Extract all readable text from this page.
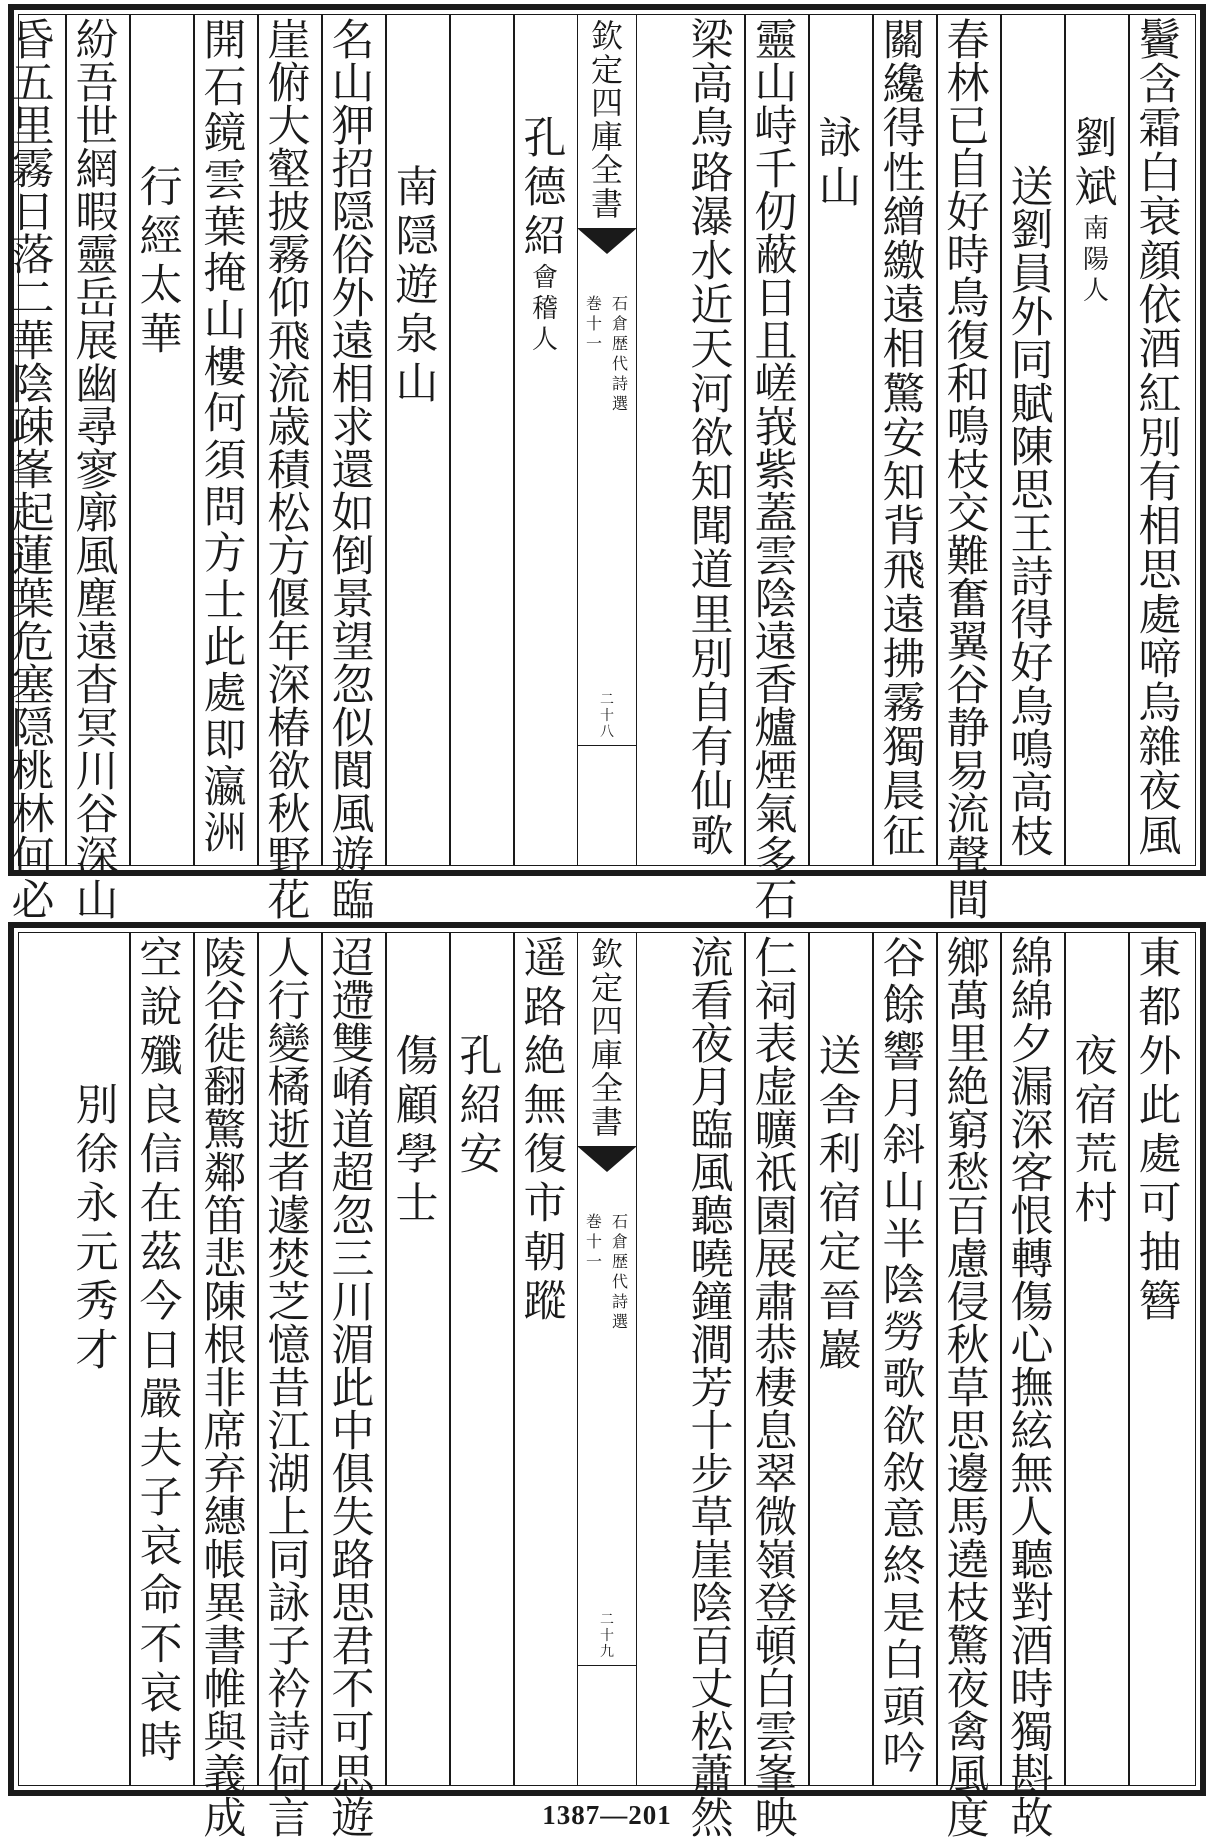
欽
定
四
庫
全
書
石
倉
歴
代
詩
選
巻
十
一
二
十
八
鬢
含
霜
白
衰
顔
依
酒
紅
別
有
相
思
處
啼
烏
雜
夜
風
劉
斌
南
陽
人
送
劉
員
外
同
賦
陳
思
王
詩
得
好
鳥
鳴
高
枝
春
林
已
自
好
時
鳥
復
和
鳴
枝
交
難
奮
翼
谷
静
易
流
聲
間
關
纔
得
性
繒
繳
遠
相
驚
安
知
背
飛
遠
拂
霧
獨
晨
征
詠
山
靈
山
峙
千
仞
蔽
日
且
嵯
峩
紫
蓋
雲
陰
遠
香
爐
煙
氣
多
石
梁
高
鳥
路
瀑
水
近
天
河
欲
知
聞
道
里
別
自
有
仙
歌
孔
德
紹
會
稽
人
南
隠
遊
泉
山
名
山
狎
招
隠
俗
外
遠
相
求
還
如
倒
景
望
忽
似
閬
風
遊
臨
崖
俯
大
壑
披
霧
仰
飛
流
歳
積
松
方
偃
年
深
椿
欲
秋
野
花
開
石
鏡
雲
葉
掩
山
樓
何
須
問
方
士
此
處
即
瀛
洲
行
經
太
華
紛
吾
世
網
暇
靈
岳
展
幽
尋
寥
廓
風
塵
遠
杳
冥
川
谷
深
山
昏
五
里
霧
日
落
二
華
陰
疎
峯
起
蓮
葉
危
塞
隠
桃
林
何
必
欽
定
四
庫
全
書
石
倉
歴
代
詩
選
巻
十
一
二
十
九
東
都
外
此
處
可
抽
簪
夜
宿
荒
村
綿
綿
夕
漏
深
客
恨
轉
傷
心
撫
絃
無
人
聽
對
酒
時
獨
斟
故
鄉
萬
里
絶
窮
愁
百
慮
侵
秋
草
思
邊
馬
遶
枝
驚
夜
禽
風
度
谷
餘
響
月
斜
山
半
陰
勞
歌
欲
敘
意
終
是
白
頭
吟
送
舎
利
宿
定
晉
巖
仁
祠
表
虚
曠
祇
園
展
肅
恭
棲
息
翠
微
嶺
登
頓
白
雲
峯
映
流
看
夜
月
臨
風
聽
曉
鐘
澗
芳
十
步
草
崖
陰
百
丈
松
蕭
然
遥
路
絶
無
復
市
朝
蹤
孔
紹
安
傷
顧
學
士
迢
遰
雙
崤
道
超
忽
三
川
湄
此
中
俱
失
路
思
君
不
可
思
遊
人
行
變
橘
逝
者
遽
焚
芝
憶
昔
江
湖
上
同
詠
子
衿
詩
何
言
陵
谷
徙
翻
驚
鄰
笛
悲
陳
根
非
席
弃
繐
帳
異
書
帷
與
義
成
空
說
殲
良
信
在
茲
今
日
嚴
夫
子
哀
命
不
哀
時
別
徐
永
元
秀
才
1387—201
